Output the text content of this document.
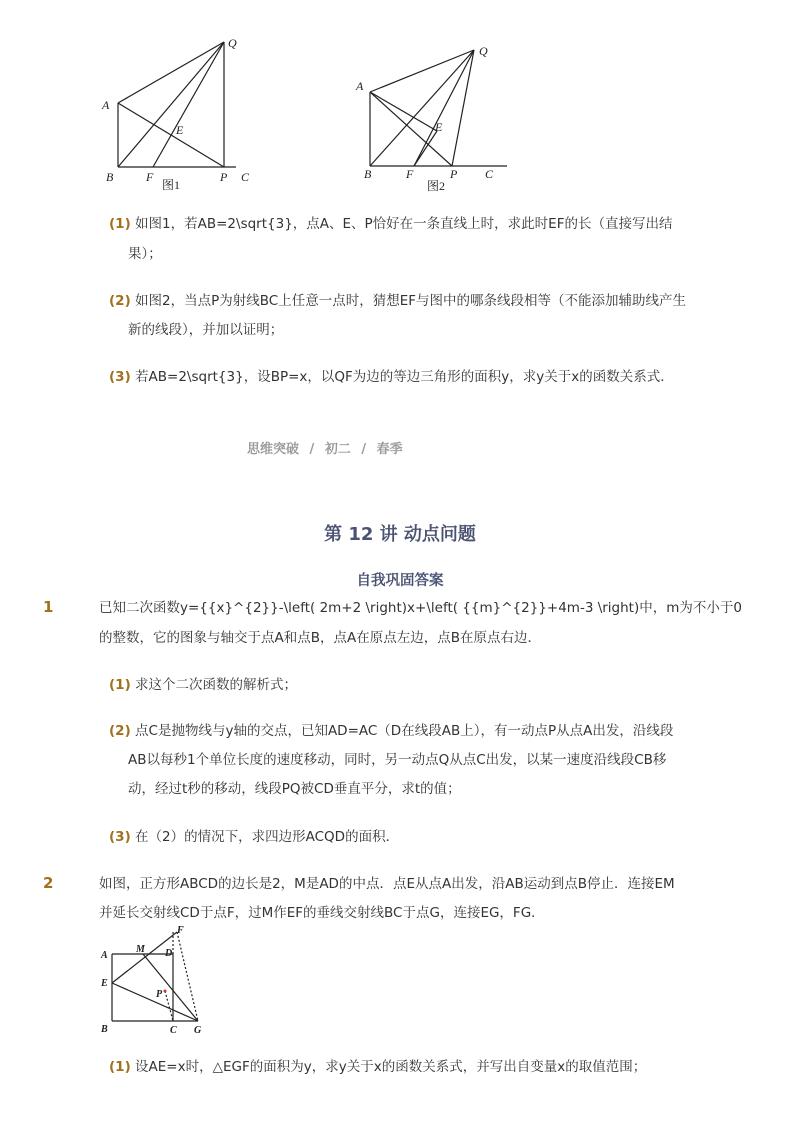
Q
A
E
B	F	P C
图1
Q
A
E
B	F	P C
图2
(1) 如图1，若AB=2\sqrt{3}，点A、E、P恰好在一条直线上时，求此时EF的长（直接写出结
果）；
(2) 如图2，当点P为射线BC上任意一点时，猜想EF与图中的哪条线段相等（不能添加辅助线产生
新的线段），并加以证明；
(3) 若AB=2\sqrt{3}，设BP=x，以QF为边的等边三角形的面积y，求y关于x的函数关系式．
思维突破 / 初二 / 春季
第 12 讲 动点问题
自我巩固答案
1	已知二次函数y={{x}^{2}}-\left( 2m+2 \right)x+\left( {{m}^{2}}+4m-3 \right)中，m为不小于0
的整数，它的图象与轴交于点A和点B，点A在原点左边，点B在原点右边．
(1) 求这个二次函数的解析式；
(2) 点C是抛物线与y轴的交点，已知AD=AC（D在线段AB上），有一动点P从点A出发，沿线段
AB以每秒1个单位长度的速度移动，同时，另一动点Q从点C出发，以某一速度沿线段CB移
动，经过t秒的移动，线段PQ被CD垂直平分，求t的值；
(3) 在（2）的情况下，求四边形ACQD的面积．
2	如图，正方形ABCD的边长是2，M是AD的中点．点E从点A出发，沿AB运动到点B停止．连接EM
并延长交射线CD于点F，过M作EF的垂线交射线BC于点G，连接EG，FG．
F
A
M D
E
P
B	C G
(1) 设AE=x时，△EGF的面积为y，求y关于x的函数关系式，并写出自变量x的取值范围；
